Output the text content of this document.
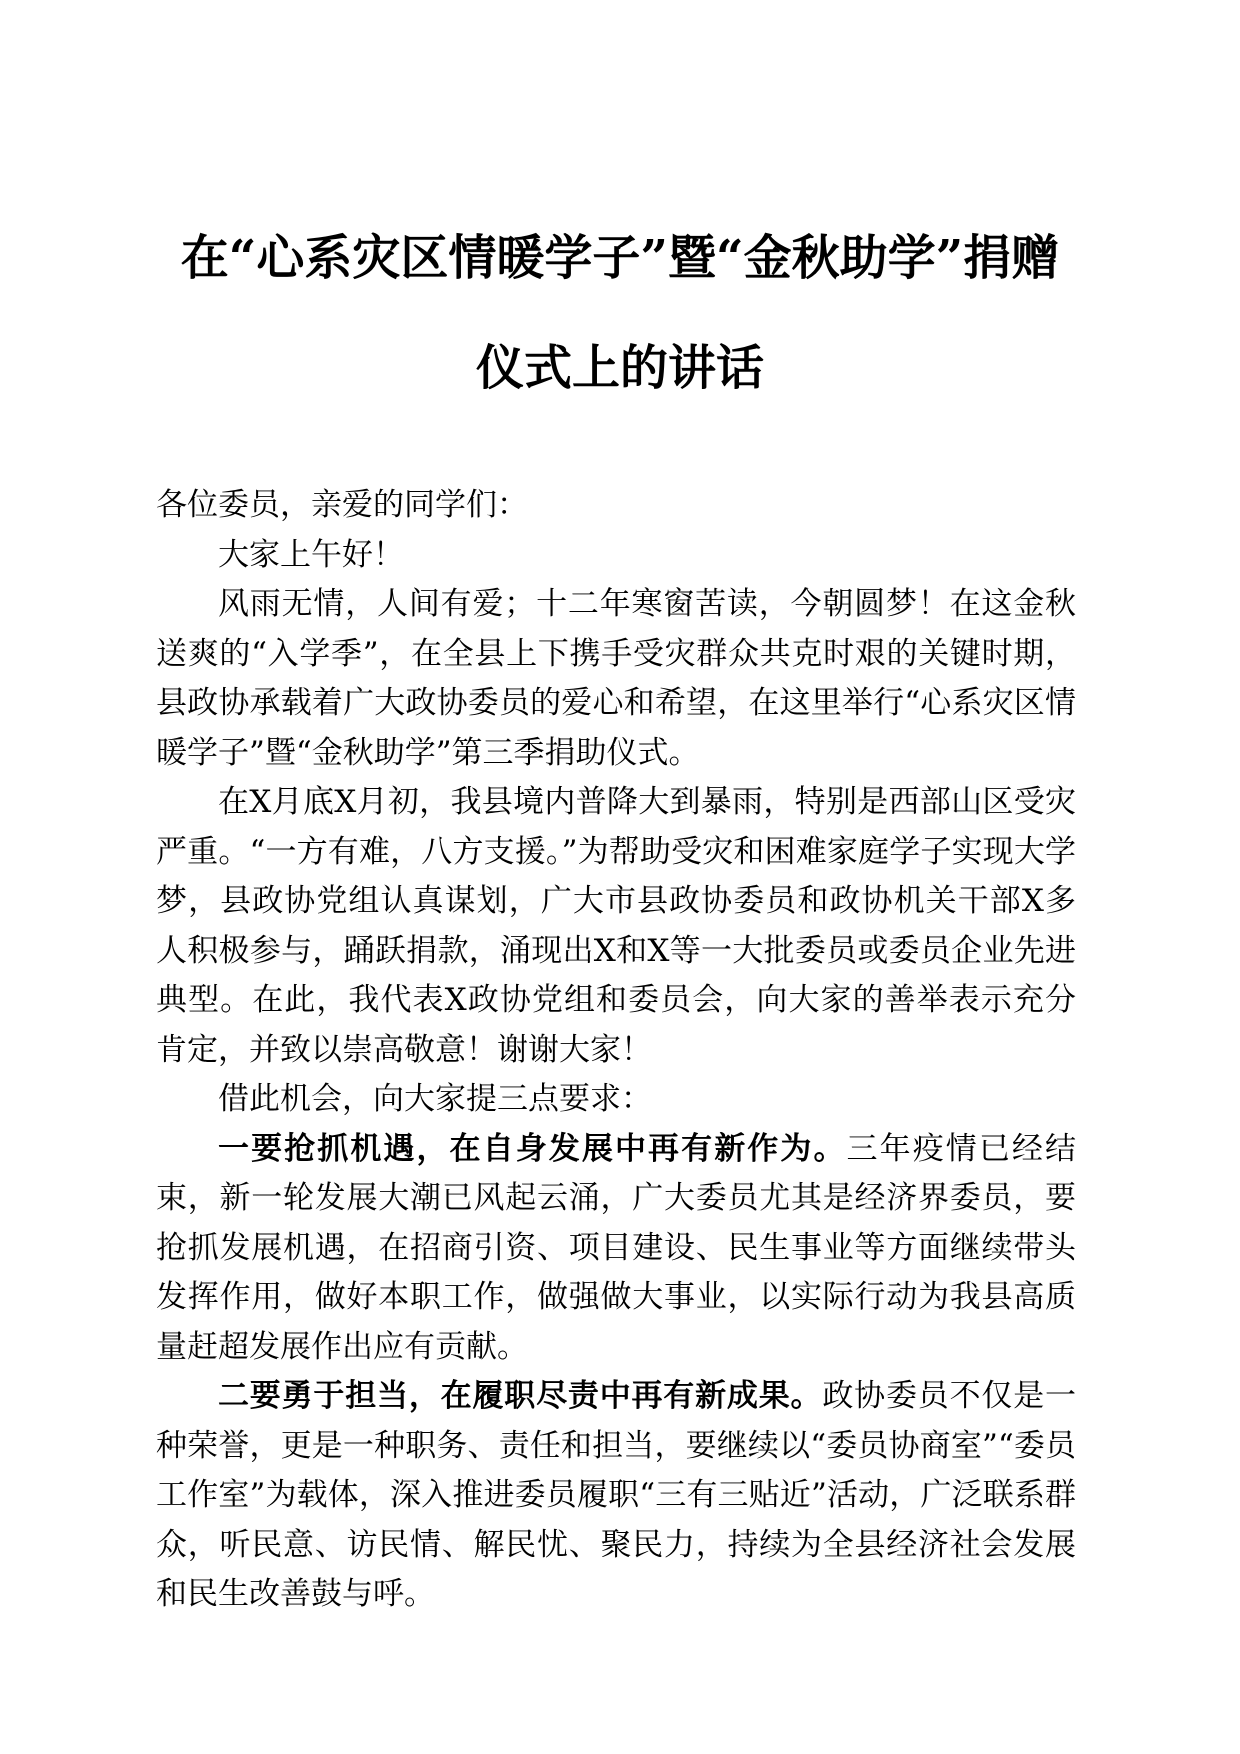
在“心系灾区情暖学子”暨“金秋助学”捐赠
仪式上的讲话

各位委员，亲爱的同学们：

大家上午好！

风雨无情，人间有爱；十二年寒窗苦读，今朝圆梦！在这金秋送爽的“入学季”，在全县上下携手受灾群众共克时艰的关键时期，县政协承载着广大政协委员的爱心和希望，在这里举行“心系灾区情暖学子”暨“金秋助学”第三季捐助仪式。

在X月底X月初，我县境内普降大到暴雨，特别是西部山区受灾严重。“一方有难，八方支援。”为帮助受灾和困难家庭学子实现大学梦，县政协党组认真谋划，广大市县政协委员和政协机关干部X多人积极参与，踊跃捐款，涌现出X和X等一大批委员或委员企业先进典型。在此，我代表X政协党组和委员会，向大家的善举表示充分肯定，并致以崇高敬意！谢谢大家！

借此机会，向大家提三点要求：

一要抢抓机遇，在自身发展中再有新作为。三年疫情已经结束，新一轮发展大潮已风起云涌，广大委员尤其是经济界委员，要抢抓发展机遇，在招商引资、项目建设、民生事业等方面继续带头发挥作用，做好本职工作，做强做大事业，以实际行动为我县高质量赶超发展作出应有贡献。

二要勇于担当，在履职尽责中再有新成果。政协委员不仅是一种荣誉，更是一种职务、责任和担当，要继续以“委员协商室”“委员工作室”为载体，深入推进委员履职“三有三贴近”活动，广泛联系群众，听民意、访民情、解民忧、聚民力，持续为全县经济社会发展和民生改善鼓与呼。
